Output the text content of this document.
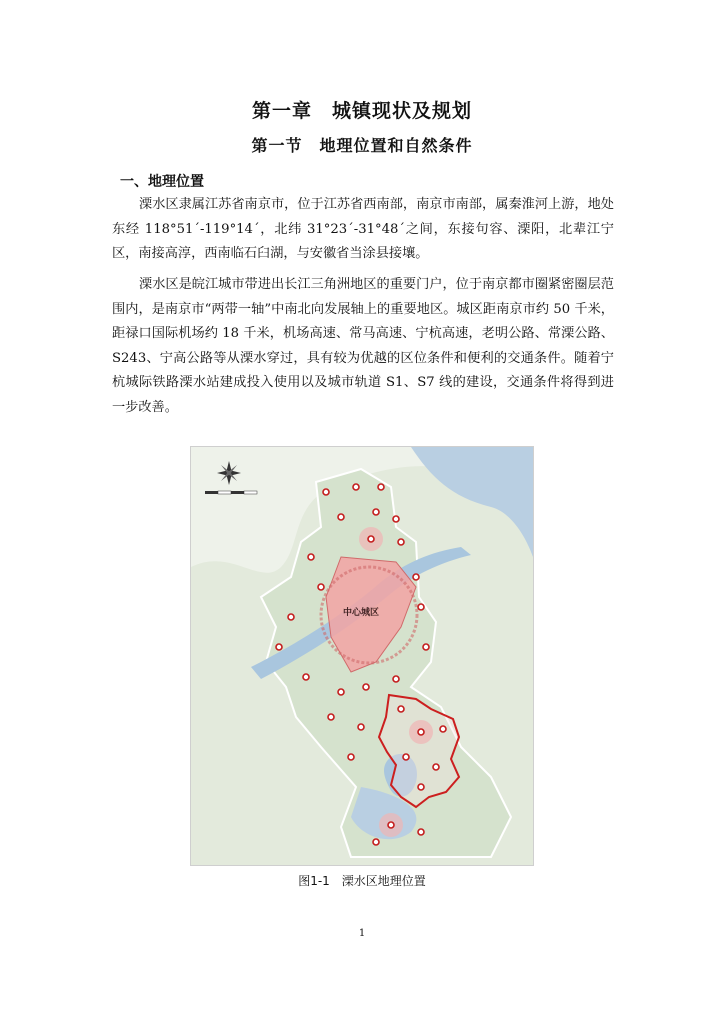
第一章　城镇现状及规划
第一节　地理位置和自然条件
一、地理位置

溧水区隶属江苏省南京市，位于江苏省西南部，南京市南部，属秦淮河上游，地处东经 118°51´-119°14´，北纬 31°23´-31°48´之间，东接句容、溧阳，北辈江宁区，南接高淳，西南临石臼湖，与安徽省当涂县接壤。

溧水区是皖江城市带进出长江三角洲地区的重要门户，位于南京都市圈紧密圈层范围内，是南京市“两带一轴”中南北向发展轴上的重要地区。城区距南京市约 50 千米，距禄口国际机场约 18 千米，机场高速、常马高速、宁杭高速，老明公路、常溧公路、S243、宁高公路等从溧水穿过，具有较为优越的区位条件和便利的交通条件。随着宁杭城际铁路溧水站建成投入使用以及城市轨道 S1、S7 线的建设，交通条件将得到进一步改善。

中心城区
图1-1　溧水区地理位置
1
